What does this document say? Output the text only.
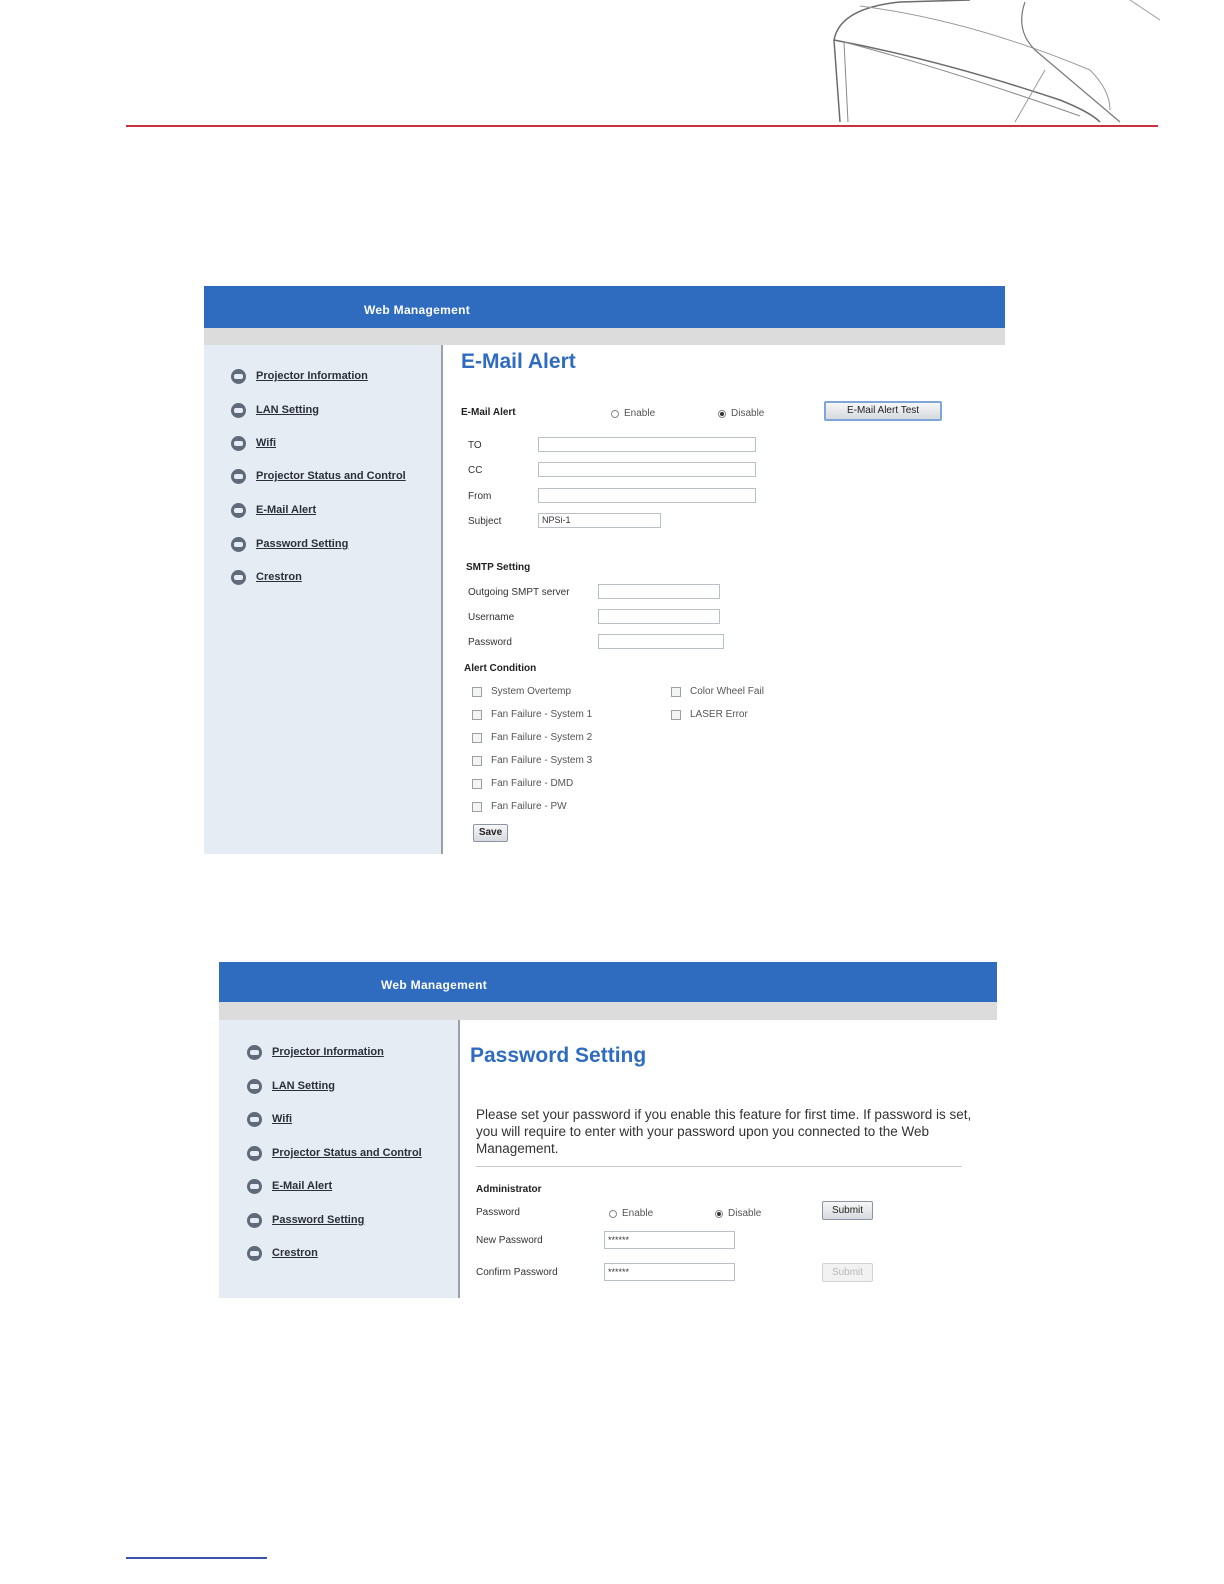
Web Management
Projector Information
LAN Setting
Wifi
Projector Status and Control
E-Mail Alert
Password Setting
Crestron
E-Mail Alert
E-Mail Alert	Enable	Disable	E-Mail Alert Test
TO
CC
From
Subject	NPSi-1
SMTP Setting
Outgoing SMPT server
Username
Password
Alert Condition
System Overtemp
Fan Failure - System 1
Fan Failure - System 2
Fan Failure - System 3
Fan Failure - DMD
Fan Failure - PW
Color Wheel Fail
LASER Error
Save
Web Management
Projector Information
LAN Setting
Wifi
Projector Status and Control
E-Mail Alert
Password Setting
Crestron
Password Setting
Please set your password if you enable this feature for first time. If password is set, you will require to enter with your password upon you connected to the Web Management.
Administrator
Password	Enable	Disable	Submit
New Password	******
Confirm Password	******	Submit
